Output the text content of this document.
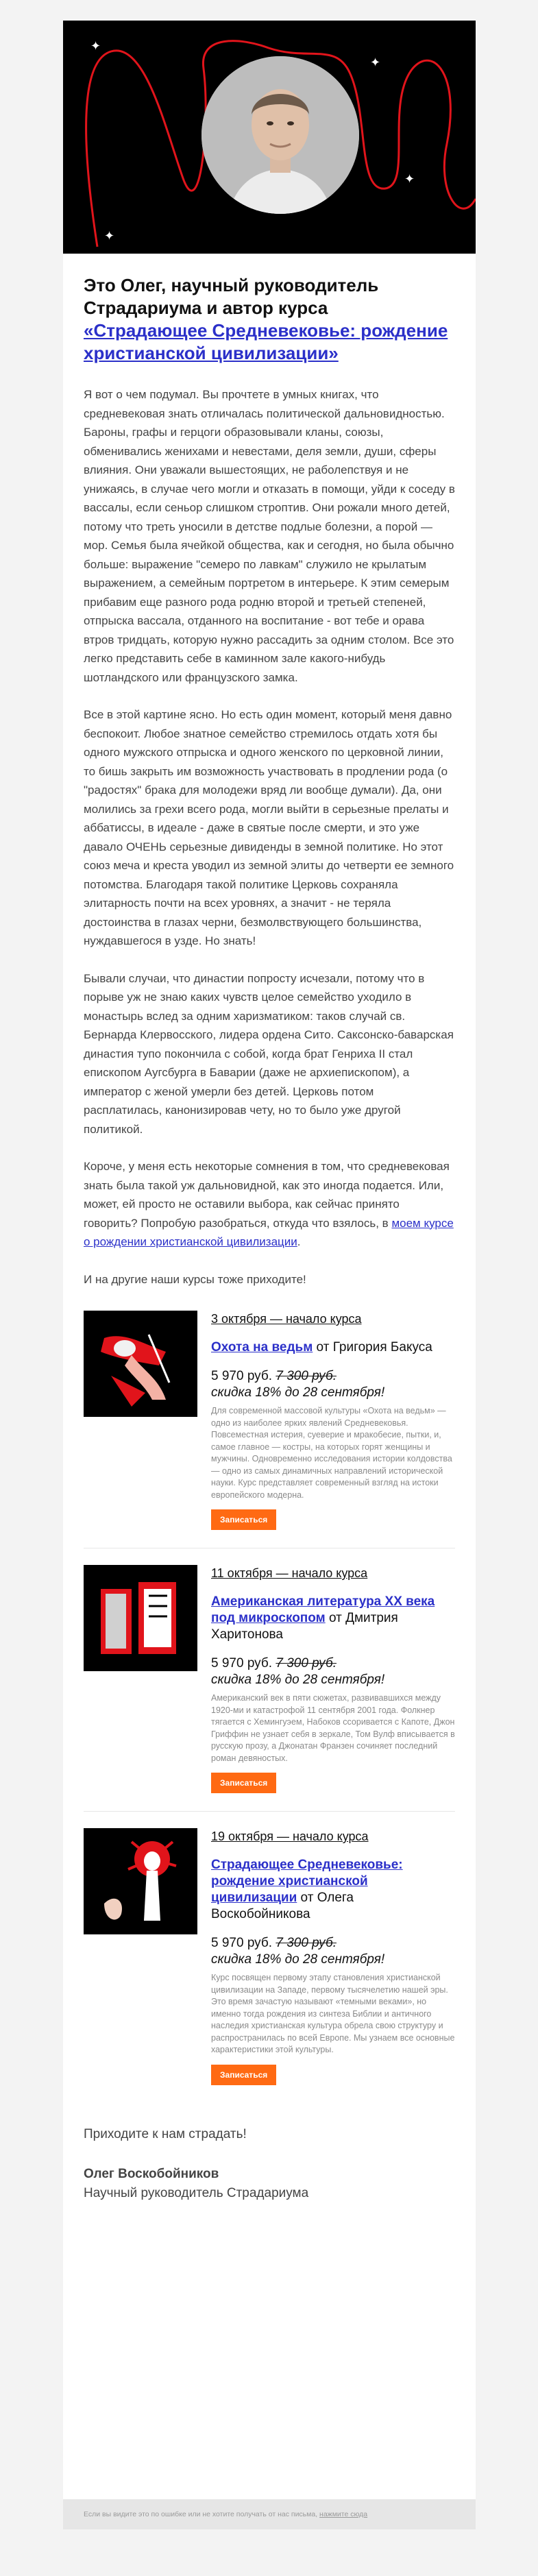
✦
✦
✦
✦
Это Олег, научный руководитель Страдариума и автор курса «Страдающее Средневековье: рождение христианской цивилизации»

Я вот о чем подумал. Вы прочтете в умных книгах, что средневековая знать отличалась политической дальновидностью. Бароны, графы и герцоги образовывали кланы, союзы, обменивались женихами и невестами, деля земли, души, сферы влияния. Они уважали вышестоящих, не раболепствуя и не унижаясь, в случае чего могли и отказать в помощи, уйди к соседу в вассалы, если сеньор слишком строптив. Они рожали много детей, потому что треть уносили в детстве подлые болезни, а порой — мор. Семья была ячейкой общества, как и сегодня, но была обычно больше: выражение "семеро по лавкам" служило не крылатым выражением, а семейным портретом в интерьере. К этим семерым прибавим еще разного рода родню второй и третьей степеней, отпрыска вассала, отданного на воспитание - вот тебе и орава втров тридцать, которую нужно рассадить за одним столом. Все это легко представить себе в каминном зале какого-нибудь шотландского или французского замка.

Все в этой картине ясно. Но есть один момент, который меня давно беспокоит. Любое знатное семейство стремилось отдать хотя бы одного мужского отпрыска и одного женского по церковной линии, то бишь закрыть им возможность участвовать в продлении рода (о "радостях" брака для молодежи вряд ли вообще думали). Да, они молились за грехи всего рода, могли выйти в серьезные прелаты и аббатиссы, в идеале - даже в святые после смерти, и это уже давало ОЧЕНЬ серьезные дивиденды в земной политике. Но этот союз меча и креста уводил из земной элиты до четверти ее земного потомства. Благодаря такой политике Церковь сохраняла элитарность почти на всех уровнях, а значит - не теряла достоинства в глазах черни, безмолвствующего большинства, нуждавшегося в узде. Но знать!

Бывали случаи, что династии попросту исчезали, потому что в порыве уж не знаю каких чувств целое семейство уходило в монастырь вслед за одним харизматиком: таков случай св. Бернарда Клервосского, лидера ордена Сито. Саксонско-баварская династия тупо покончила с собой, когда брат Генриха II стал епископом Аугсбурга в Баварии (даже не архиепископом), а император с женой умерли без детей. Церковь потом расплатилась, канонизировав чету, но то было уже другой политикой.

Короче, у меня есть некоторые сомнения в том, что средневековая знать была такой уж дальновидной, как это иногда подается. Или, может, ей просто не оставили выбора, как сейчас принято говорить? Попробую разобраться, откуда что взялось, в моем курсе о рождении христианской цивилизации.

И на другие наши курсы тоже приходите!

3 октября — начало курса
Охота на ведьм от Григория Бакуса
5 970 руб. 7 300 руб.
скидка 18% до 28 сентября!
Для современной массовой культуры «Охота на ведьм» — одно из наиболее ярких явлений Средневековья. Повсеместная истерия, суеверие и мракобесие, пытки, и, самое главное — костры, на которых горят женщины и мужчины. Одновременно исследования истории колдовства — одно из самых динамичных направлений исторической науки. Курс представляет современный взгляд на истоки европейского модерна.
Записаться
11 октября — начало курса
Американская литература XX века под микроскопом от Дмитрия Харитонова
5 970 руб. 7 300 руб.
скидка 18% до 28 сентября!
Американский век в пяти сюжетах, развивавшихся между 1920-ми и катастрофой 11 сентября 2001 года. Фолкнер тягается с Хемингуэем, Набоков ссоривается с Капоте, Джон Гриффин не узнает себя в зеркале, Том Вулф вписывается в русскую прозу, а Джонатан Франзен сочиняет последний роман девяностых.
Записаться
19 октября — начало курса
Страдающее Средневековье: рождение христианской цивилизации от Олега Воскобойникова
5 970 руб. 7 300 руб.
скидка 18% до 28 сентября!
Курс посвящен первому этапу становления христианской цивилизации на Западе, первому тысячелетию нашей эры. Это время зачастую называют «темными веками», но именно тогда рождения из синтеза Библии и античного наследия христианская культура обрела свою структуру и распространилась по всей Европе. Мы узнаем все основные характеристики этой культуры.
Записаться
Приходите к нам страдать!
Олег Воскобойников
Научный руководитель Страдариума
Если вы видите это по ошибке или не хотите получать от нас письма, нажмите сюда
